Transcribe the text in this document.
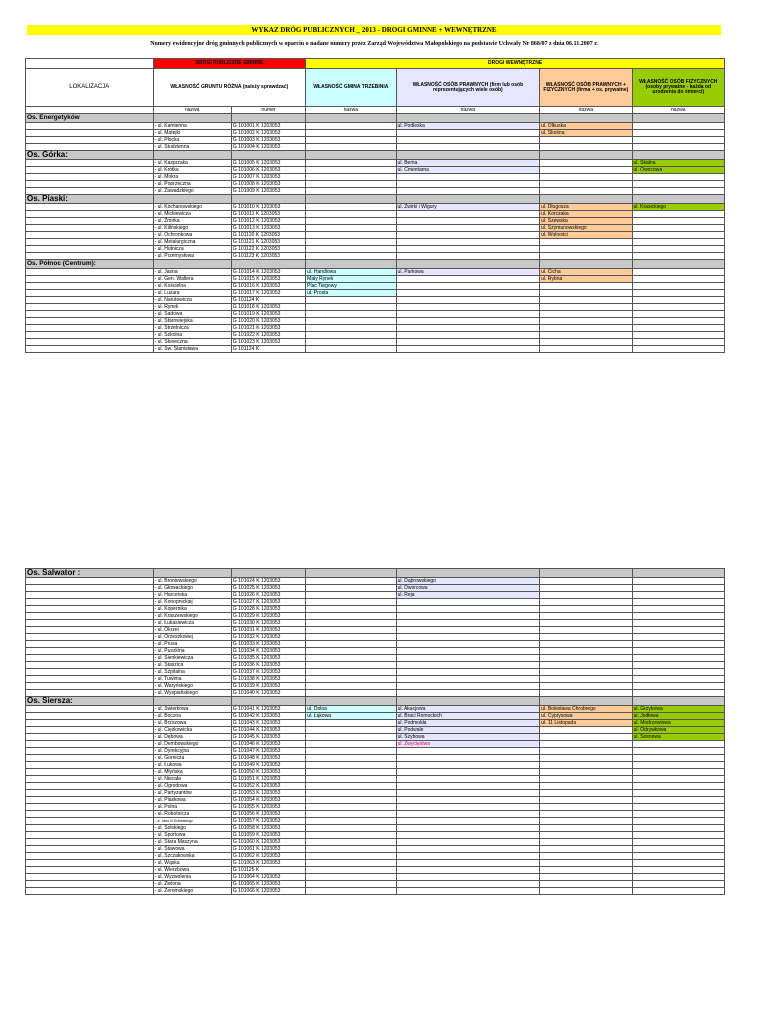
WYKAZ DRÓG PUBLICZNYCH _ 2013 - DROGI GMINNE + WEWNĘTRZNE
Numery ewidencyjne dróg gminnych publicznych w oparciu o nadane numery przez Zarząd Województwa Małopolskiego na podstawie Uchwały Nr 868/07 z dnia 06.11.2007 r.
	DROGI PUBLICZNE GMINNE		DROGI WEWNĘTRZNE			
LOKALIZACJA	WŁASNOŚĆ GRUNTU RÓŻNA (należy sprawdzać)		WŁASNOŚĆ GMINA TRZEBINIA	WŁASNOŚĆ OSÓB PRAWNYCH (firm lub osób reprezentujących wiele osób)	WŁASNOŚĆ OSÓB PRAWNYCH + FIZYCZNYCH (firma + os. prywatne)	WŁASNOŚĆ OSÓB FIZYCZNYCH (osoby prywatne - każda od urodzenia do śmierci)
	nazwa	numer	nazwa	nazwa	nazwa	nazwa
Os. Energetyków						
	- ul. Kamienna	G 101001 K 1203053		ul. Podleska	ul. Olkuska	
	- ul. Matejki	G 101002 K 1203053			ul. Skośna	
	- ul. Płocka	G 101003 K 1203053				
	- ul. Studzienna	G 101004 K 1203053				
Os. Górka:						
	- ul. Kasprzaka	G 101005 K 1203053		ul. Bema		ul. Skalna
	- ul. Krótka	G 101006 K 1203053		ul. Cmentarna		ul. Owocowa
	- ul. Mokra	G 101007 K 1203053				
	- ul. Poprzeczna	G 101008 K 1203053				
	- ul. Zawadzkiego	G 101009 K 1203053				
Os. Piaski:						
	- ul. Kochanowskiego	G 101010 K 1203053		ul. Żwirki i Wigury	ul. Długosza	ul. Krasickiego
	- ul. Mickiewicza	G 101011 K 1203053			ul. Korczaka	
	- ul. Żmirka	G 101012 K 1203053			ul. Szewska	
	- ul. Kilińskiego	G 101013 K 1203053			ul. Szymanowskiego	
	- ul. Ochronkowa	G 101120 K 1203053			ul. Wolności	
	- ul. Metalurgiczna	G 101121 K 1203053				
	- ul. Hutnicza	G 101122 K 1203053				
	- ul. Przemysłowa	G 101123 K 1203053				
Os. Północ (Centrum):						
	- ul. Jasna	G 101014 K 1203053	ul. Handlowa	ul. Parkowa	ul. Cicha	
	- ul. Gen. Waltera	G 101015 K 1203053	Mały Rynek		ul. Rybna	
	- ul. Kościelna	G 101016 K 1203053	Plac Targowy			
	- ul. Luzara	G 101017 K 1203053	ul. Prosta			
	- ul. Narutowicza	G 101124 K				
	- ul. Rynek	G 101018 K 1203053				
	- ul. Sadowa	G 101019 K 1203053				
	- ul. Starowiejska	G 101020 K 1203053				
	- ul. Strzelnicza	G 101021 K 1203053				
	- ul. Szkolna	G 101022 K 1203053				
	- ul. Słoneczna	G 101023 K 1203053				
	- ul. Św. Stanisława	G 101124 K				
Os. Salwator :						
	- ul. Broniewskiego	G 101024 K 1203053		ul. Dąbrowskiego		
	- ul. Głowackiego	G 101025 K 1203053		ul. Dworcowa		
	- ul. Harcerska	G 101026 K 1203053		ul. Reja		
	- ul. Konopnickiej	G 101027 K 1203053				
	- ul. Kopernika	G 101028 K 1203053				
	- ul. Kraszewskiego	G 101029 K 1203053				
	- ul. Łukasiewicza	G 101030 K 1203053				
	- ul. Okrzei	G 101031 K 1203053				
	- ul. Orzeszkowej	G 101032 K 1203053				
	- ul. Prusa	G 101033 K 1203053				
	- ul. Puszkina	G 101034 K 1203053				
	- ul. Sienkiewicza	G 101035 K 1203053				
	- ul. Staszica	G 101036 K 1203053				
	- ul. Szpitalna	G 101037 K 1203053				
	- ul. Tuwima	G 101038 K 1203053				
	- ul. Waryńskiego	G 101039 K 1203053				
	- ul. Wyspiańskiego	G 101040 K 1203053				
Os. Siersza:						
	- ul. Swierkowa	G 101041 K 1203053	ul. Dolna	ul. Akacjowa	ul. Bolesława Chrobrego	ul. Grzybowa
	- ul. Boczna	G 101042 K 1203053	ul. Łąkowa	ul. Braci Romockich	ul. Cyprysowa	ul. Jodłowa
	- ul. Brzozowa	G 101043 K 1203053		ul. Podmokła	ul. 11 Listopada	ul. Modrzewiowa
	- ul. Ciężkowicka	G 101044 K 1203053		ul. Podwale		ul. Odrywkowa
	- ul. Dębowa	G 101045 K 1203053		ul. Szybowa		ul. Sosnowa
	- ul. Dembowskiego	G 101046 K 1203053		ul. Zwycięstwa		
	- ul. Dyrekcyjna	G 101047 K 1203053				
	- ul. Gornicza	G 101048 K 1203053				
	- ul. Łukowa	G 101049 K 1203053				
	- ul. Młyńska	G 101050 K 1203053				
	- ul. Niecała	G 101051 K 1203053				
	- ul. Ogrodowa	G 101052 K 1203053				
	- ul. Partyzantów	G 101053 K 1203053				
	- ul. Piaskowa	G 101054 K 1203053				
	- ul. Polna	G 101055 K 1203053				
	- ul. Robotnicza	G 101056 K 1203053				
	- ul. Jana III Sobieskiego	G 101057 K 1203053				
	- ul. Solskiego	G 101058 K 1203053				
	- ul. Sportowa	G 101059 K 1203053				
	- ul. Stara Maszyna	G 101060 K 1203053				
	- ul. Stawowa	G 101061 K 1203053				
	- ul. Szczakowska	G 101062 K 1203053				
	- ul. Wąska	G 101063 K 1203053				
	- ul. Wierzbowa	G 101125 K				
	- ul. Wyzwolenia	G 101064 K 1203053				
	- ul. Zielona	G 101065 K 1203053				
	- ul. Żeromskiego	G 101066 K 1203053				
